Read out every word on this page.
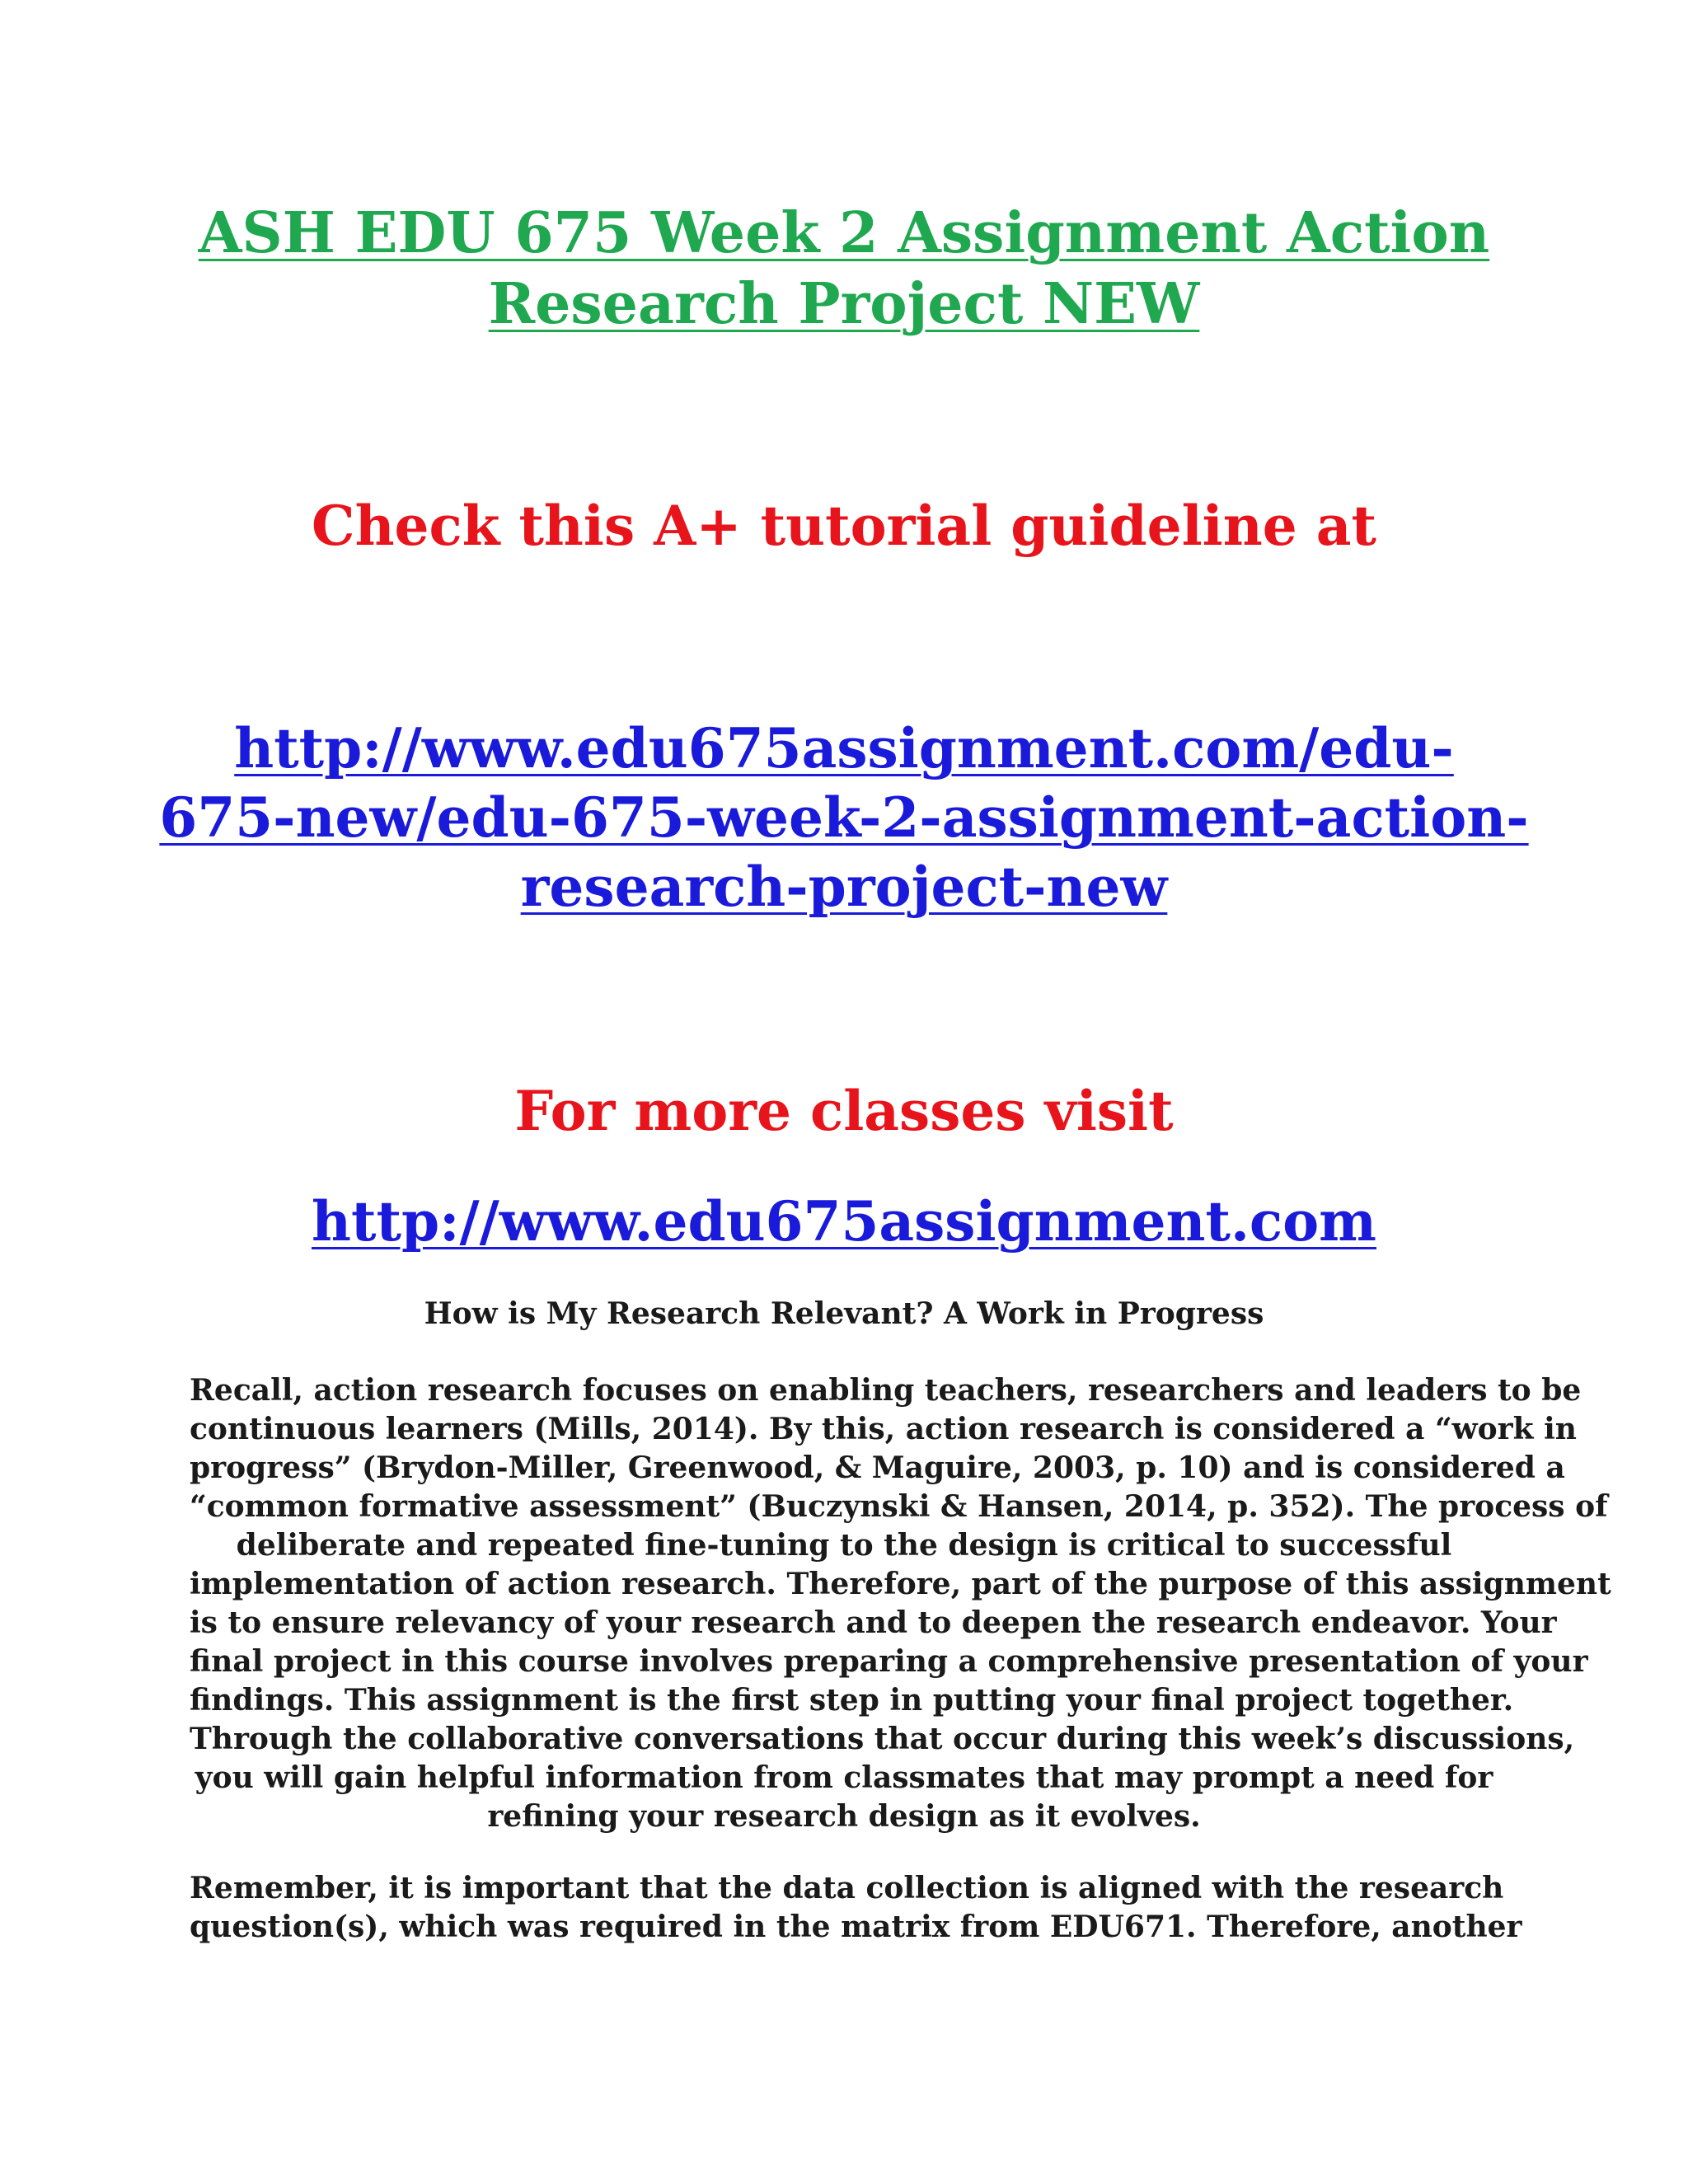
ASH EDU 675 Week 2 Assignment Action
Research Project NEW
Check this A+ tutorial guideline at
http://www.edu675assignment.com/edu-
675-new/edu-675-week-2-assignment-action-
research-project-new
For more classes visit
http://www.edu675assignment.com
How is My Research Relevant? A Work in Progress

Recall, action research focuses on enabling teachers, researchers and leaders to be
continuous learners (Mills, 2014). By this, action research is considered a “work in
progress” (Brydon-Miller, Greenwood, & Maguire, 2003, p. 10) and is considered a
“common formative assessment” (Buczynski & Hansen, 2014, p. 352). The process of
deliberate and repeated fine-tuning to the design is critical to successful
implementation of action research. Therefore, part of the purpose of this assignment
is to ensure relevancy of your research and to deepen the research endeavor. Your
final project in this course involves preparing a comprehensive presentation of your
findings. This assignment is the first step in putting your final project together.
Through the collaborative conversations that occur during this week’s discussions,
you will gain helpful information from classmates that may prompt a need for
refining your research design as it evolves.

Remember, it is important that the data collection is aligned with the research
question(s), which was required in the matrix from EDU671. Therefore, another
